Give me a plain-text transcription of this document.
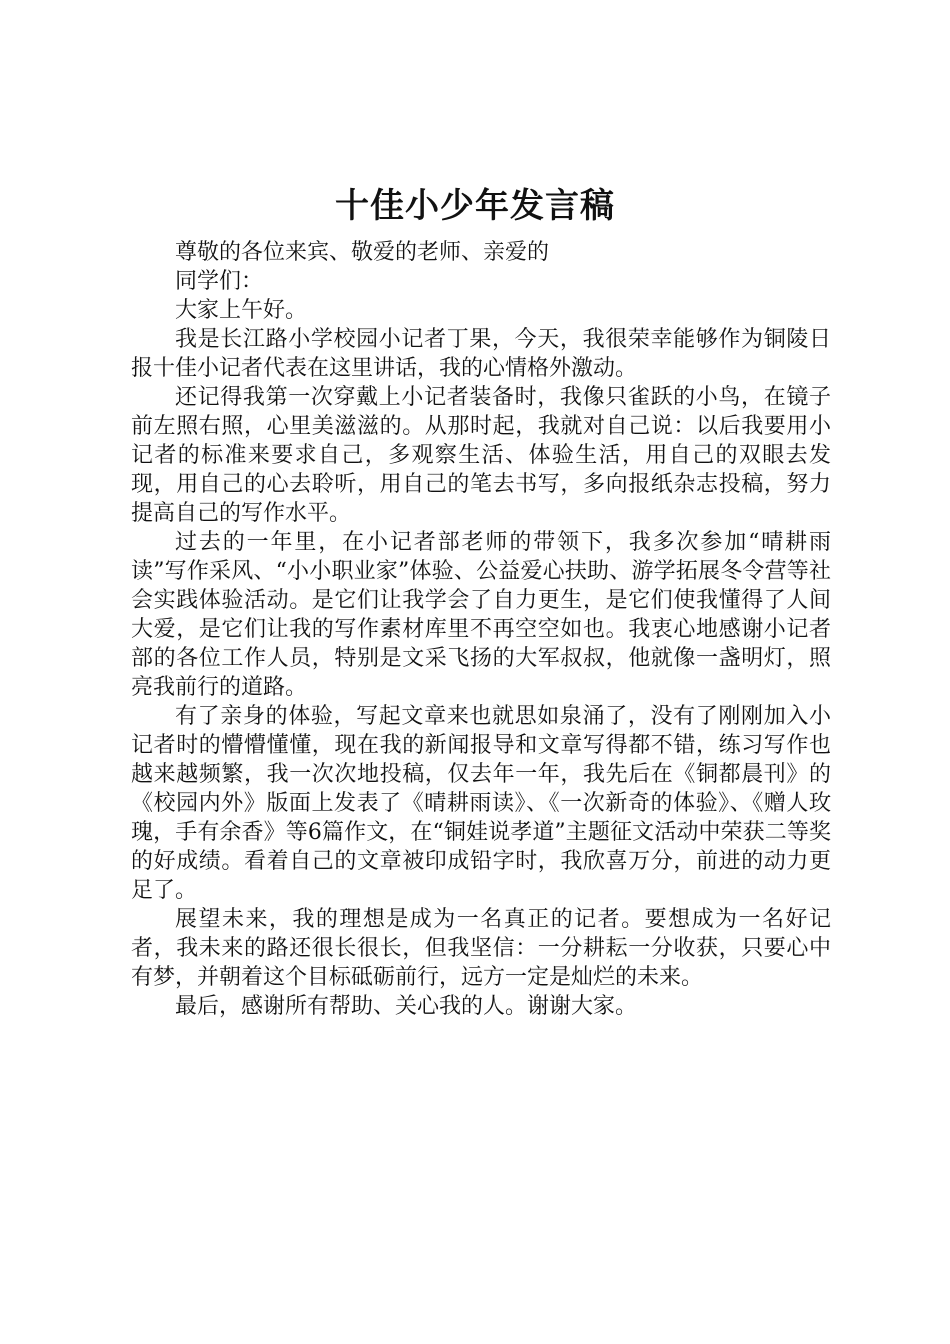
十佳小少年发言稿

尊敬的各位来宾、敬爱的老师、亲爱的

同学们：

大家上午好。

我是长江路小学校园小记者丁果，今天，我很荣幸能够作为铜陵日报十佳小记者代表在这里讲话，我的心情格外激动。

还记得我第一次穿戴上小记者装备时，我像只雀跃的小鸟，在镜子前左照右照，心里美滋滋的。从那时起，我就对自己说：以后我要用小记者的标准来要求自己，多观察生活、体验生活，用自己的双眼去发现，用自己的心去聆听，用自己的笔去书写，多向报纸杂志投稿，努力提高自己的写作水平。

过去的一年里，在小记者部老师的带领下，我多次参加“晴耕雨读”写作采风、“小小职业家”体验、公益爱心扶助、游学拓展冬令营等社会实践体验活动。是它们让我学会了自力更生，是它们使我懂得了人间大爱，是它们让我的写作素材库里不再空空如也。我衷心地感谢小记者部的各位工作人员，特别是文采飞扬的大军叔叔，他就像一盏明灯，照亮我前行的道路。

有了亲身的体验，写起文章来也就思如泉涌了，没有了刚刚加入小记者时的懵懵懂懂，现在我的新闻报导和文章写得都不错，练习写作也越来越频繁，我一次次地投稿，仅去年一年，我先后在《铜都晨刊》的《校园内外》版面上发表了《晴耕雨读》、《一次新奇的体验》、《赠人玫瑰，手有余香》等6篇作文，在“铜娃说孝道”主题征文活动中荣获二等奖的好成绩。看着自己的文章被印成铅字时，我欣喜万分，前进的动力更足了。

展望未来，我的理想是成为一名真正的记者。要想成为一名好记者，我未来的路还很长很长，但我坚信：一分耕耘一分收获，只要心中有梦，并朝着这个目标砥砺前行，远方一定是灿烂的未来。

最后，感谢所有帮助、关心我的人。谢谢大家。
